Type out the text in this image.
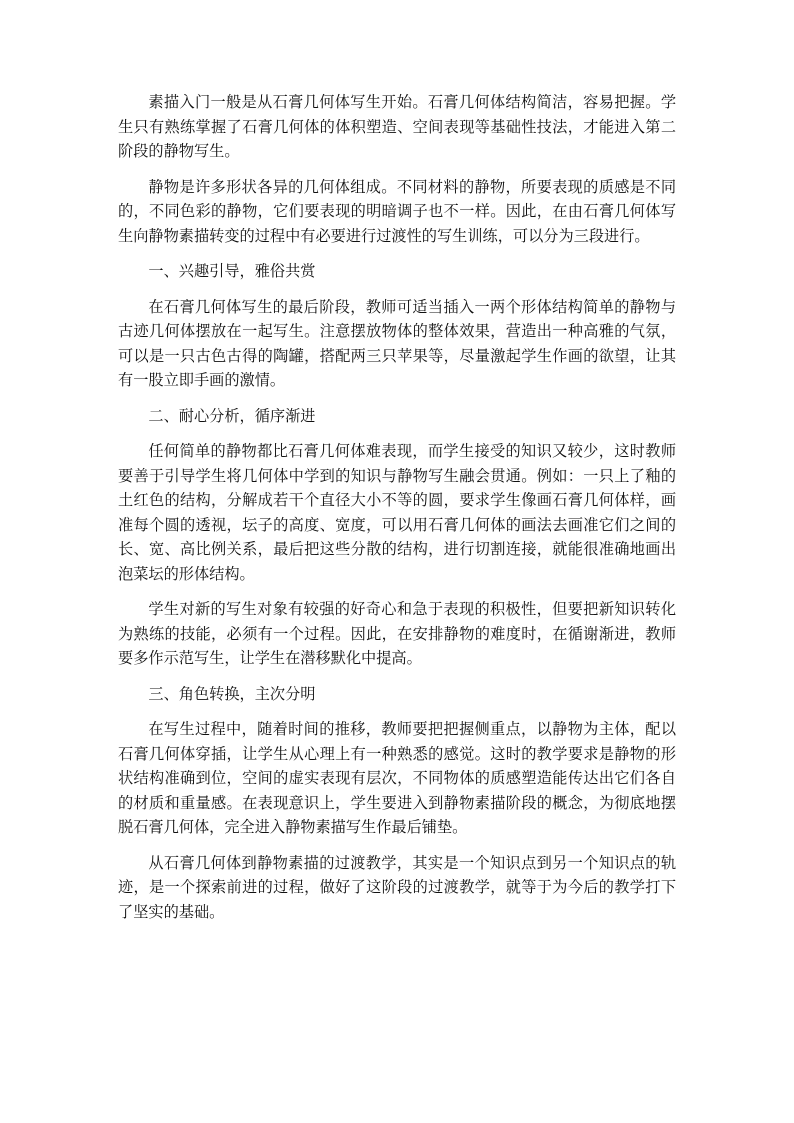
素描入门一般是从石膏几何体写生开始。石膏几何体结构简洁，容易把握。学生只有熟练掌握了石膏几何体的体积塑造、空间表现等基础性技法，才能进入第二阶段的静物写生。

静物是许多形状各异的几何体组成。不同材料的静物，所要表现的质感是不同的，不同色彩的静物，它们要表现的明暗调子也不一样。因此，在由石膏几何体写生向静物素描转变的过程中有必要进行过渡性的写生训练，可以分为三段进行。

一、兴趣引导，雅俗共赏

在石膏几何体写生的最后阶段，教师可适当插入一两个形体结构简单的静物与古迹几何体摆放在一起写生。注意摆放物体的整体效果，营造出一种高雅的气氛，可以是一只古色古得的陶罐，搭配两三只苹果等，尽量激起学生作画的欲望，让其有一股立即手画的激情。

二、耐心分析，循序渐进

任何简单的静物都比石膏几何体难表现，而学生接受的知识又较少，这时教师要善于引导学生将几何体中学到的知识与静物写生融会贯通。例如：一只上了釉的土红色的结构，分解成若干个直径大小不等的圆，要求学生像画石膏几何体样，画准每个圆的透视，坛子的高度、宽度，可以用石膏几何体的画法去画准它们之间的长、宽、高比例关系，最后把这些分散的结构，进行切割连接，就能很准确地画出泡菜坛的形体结构。

学生对新的写生对象有较强的好奇心和急于表现的积极性，但要把新知识转化为熟练的技能，必须有一个过程。因此，在安排静物的难度时，在循谢渐进，教师要多作示范写生，让学生在潜移默化中提高。

三、角色转换，主次分明

在写生过程中，随着时间的推移，教师要把把握侧重点，以静物为主体，配以石膏几何体穿插，让学生从心理上有一种熟悉的感觉。这时的教学要求是静物的形状结构准确到位，空间的虚实表现有层次，不同物体的质感塑造能传达出它们各自的材质和重量感。在表现意识上，学生要进入到静物素描阶段的概念，为彻底地摆脱石膏几何体，完全进入静物素描写生作最后铺垫。

从石膏几何体到静物素描的过渡教学，其实是一个知识点到另一个知识点的轨迹，是一个探索前进的过程，做好了这阶段的过渡教学，就等于为今后的教学打下了坚实的基础。
